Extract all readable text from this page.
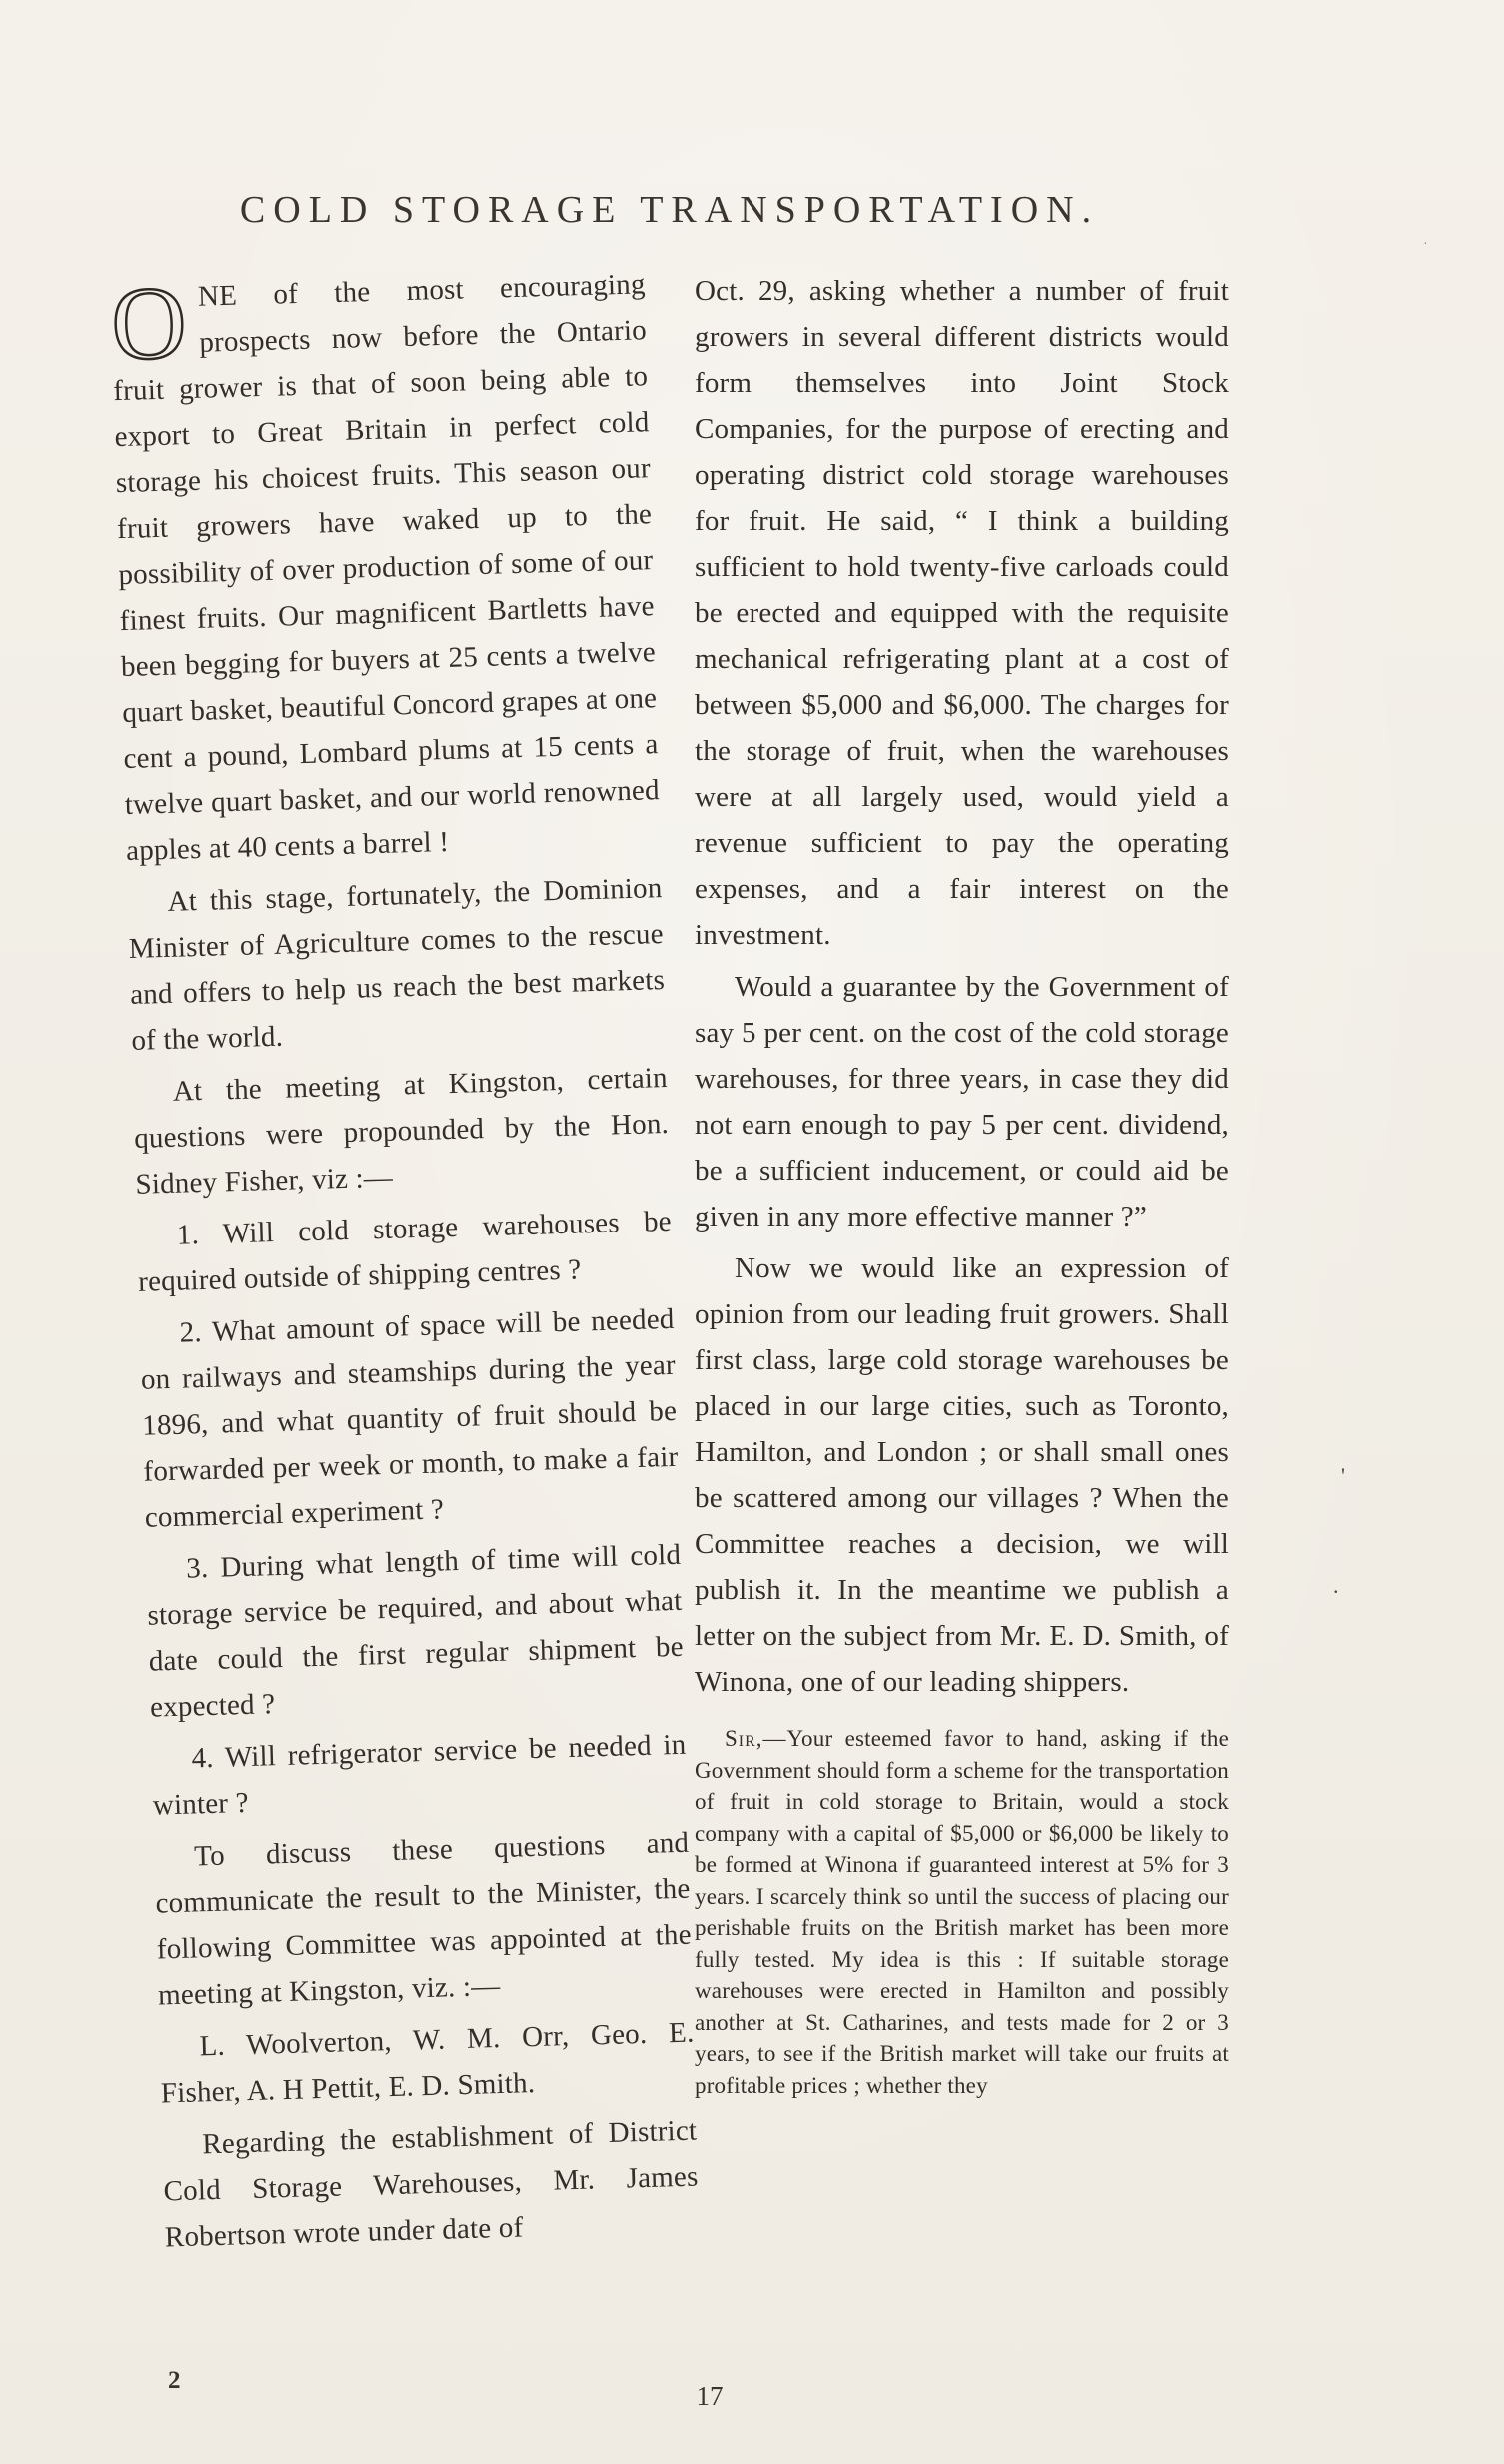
COLD STORAGE TRANSPORTATION.

ONE of the most encouraging prospects now before the Ontario fruit grower is that of soon being able to export to Great Britain in perfect cold storage his choicest fruits. This season our fruit growers have waked up to the possibility of over production of some of our finest fruits. Our magnificent Bartletts have been begging for buyers at 25 cents a twelve quart basket, beautiful Concord grapes at one cent a pound, Lombard plums at 15 cents a twelve quart basket, and our world renowned apples at 40 cents a barrel !

At this stage, fortunately, the Dominion Minister of Agriculture comes to the rescue and offers to help us reach the best markets of the world.

At the meeting at Kingston, certain questions were propounded by the Hon. Sidney Fisher, viz :—

1. Will cold storage warehouses be required outside of shipping centres ?

2. What amount of space will be needed on railways and steamships during the year 1896, and what quantity of fruit should be forwarded per week or month, to make a fair commercial experiment ?

3. During what length of time will cold storage service be required, and about what date could the first regular shipment be expected ?

4. Will refrigerator service be needed in winter ?

To discuss these questions and communicate the result to the Minister, the following Committee was appointed at the meeting at Kingston, viz. :—

L. Woolverton, W. M. Orr, Geo. E. Fisher, A. H Pettit, E. D. Smith.

Regarding the establishment of District Cold Storage Warehouses, Mr. James Robertson wrote under date of

Oct. 29, asking whether a number of fruit growers in several different districts would form themselves into Joint Stock Companies, for the purpose of erecting and operating district cold storage warehouses for fruit. He said, “ I think a building sufficient to hold twenty-five carloads could be erected and equipped with the requisite mechanical refrigerating plant at a cost of between $5,000 and $6,000. The charges for the storage of fruit, when the warehouses were at all largely used, would yield a revenue sufficient to pay the operating expenses, and a fair interest on the investment.

Would a guarantee by the Government of say 5 per cent. on the cost of the cold storage warehouses, for three years, in case they did not earn enough to pay 5 per cent. dividend, be a sufficient inducement, or could aid be given in any more effective manner ?”

Now we would like an expression of opinion from our leading fruit growers. Shall first class, large cold storage warehouses be placed in our large cities, such as Toronto, Hamilton, and London ; or shall small ones be scattered among our villages ? When the Committee reaches a decision, we will publish it. In the meantime we publish a letter on the subject from Mr. E. D. Smith, of Winona, one of our leading shippers.

Sir,—Your esteemed favor to hand, asking if the Government should form a scheme for the transportation of fruit in cold storage to Britain, would a stock company with a capital of $5,000 or $6,000 be likely to be formed at Winona if guaranteed interest at 5% for 3 years. I scarcely think so until the success of placing our perishable fruits on the British market has been more fully tested. My idea is this : If suitable storage warehouses were erected in Hamilton and possibly another at St. Catharines, and tests made for 2 or 3 years, to see if the British market will take our fruits at profitable prices ; whether they

2
17
'
.
·
